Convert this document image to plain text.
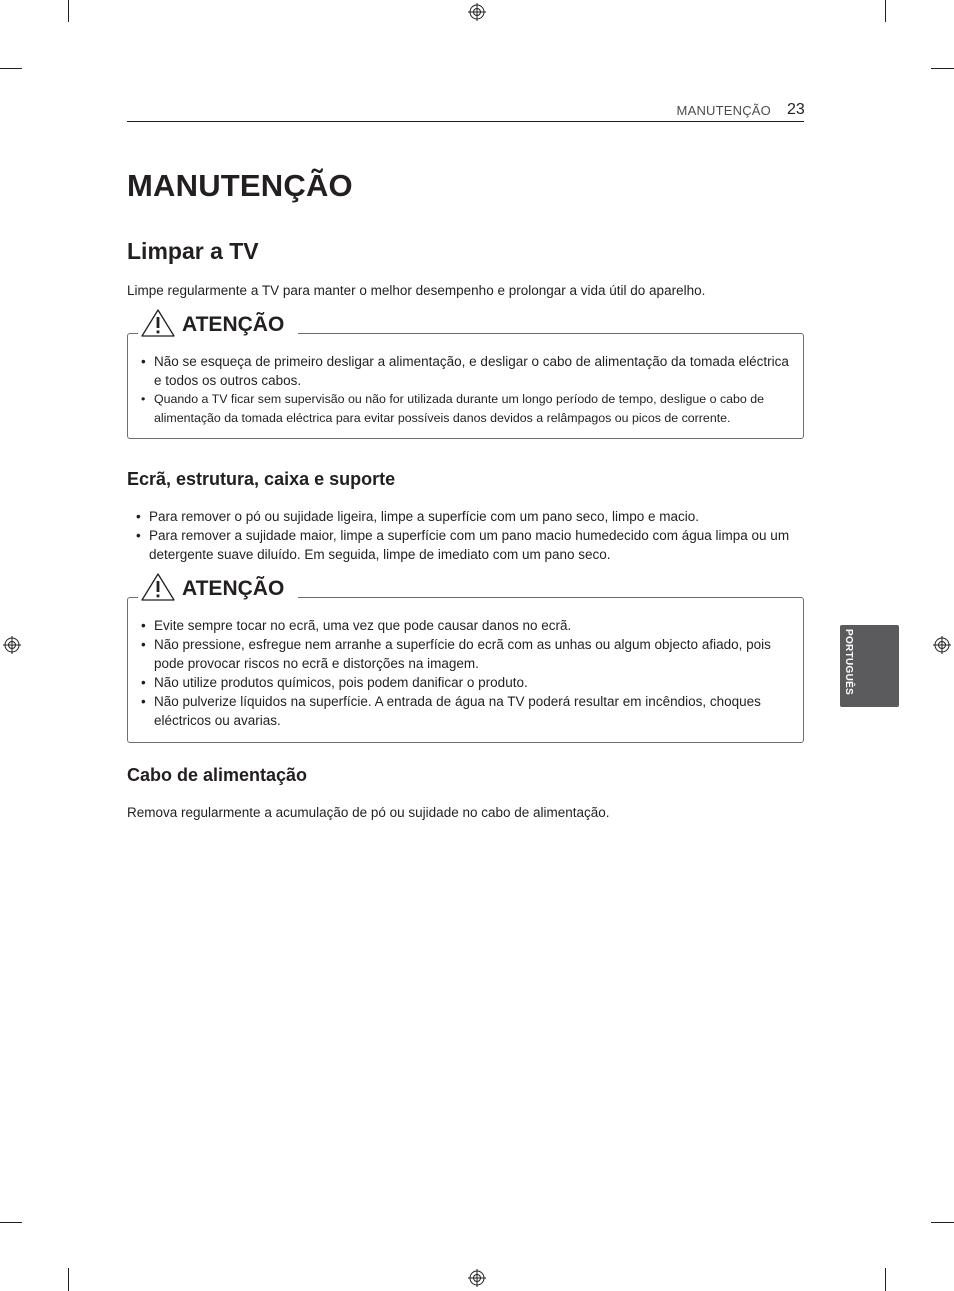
MANUTENÇÃO 23
MANUTENÇÃO
Limpar a TV

Limpe regularmente a TV para manter o melhor desempenho e prolongar a vida útil do aparelho.

ATENÇÃO
• Não se esqueça de primeiro desligar a alimentação, e desligar o cabo de alimentação da tomada eléctrica e todos os outros cabos.
• Quando a TV ficar sem supervisão ou não for utilizada durante um longo período de tempo, desligue o cabo de alimentação da tomada eléctrica para evitar possíveis danos devidos a relâmpagos ou picos de corrente.
Ecrã, estrutura, caixa e suporte
• Para remover o pó ou sujidade ligeira, limpe a superfície com um pano seco, limpo e macio.
• Para remover a sujidade maior, limpe a superfície com um pano macio humedecido com água limpa ou um detergente suave diluído. Em seguida, limpe de imediato com um pano seco.
ATENÇÃO
• Evite sempre tocar no ecrã, uma vez que pode causar danos no ecrã.
• Não pressione, esfregue nem arranhe a superfície do ecrã com as unhas ou algum objecto afiado, pois pode provocar riscos no ecrã e distorções na imagem.
• Não utilize produtos químicos, pois podem danificar o produto.
• Não pulverize líquidos na superfície. A entrada de água na TV poderá resultar em incêndios, choques eléctricos ou avarias.
Cabo de alimentação

Remova regularmente a acumulação de pó ou sujidade no cabo de alimentação.

PORTUGUÊS
